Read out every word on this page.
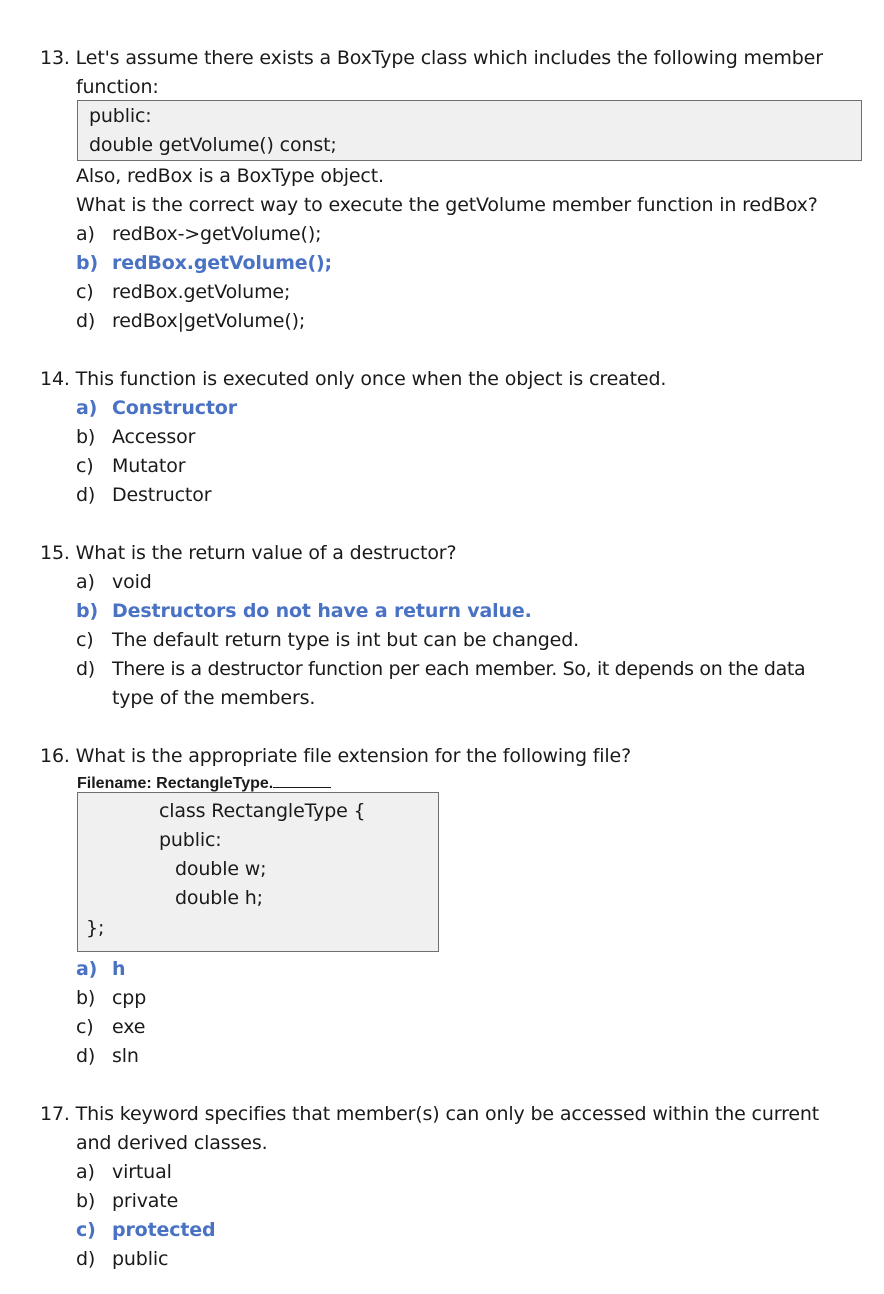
13. Let's assume there exists a BoxType class which includes the following member
function:
public:
double getVolume() const;
Also, redBox is a BoxType object.
What is the correct way to execute the getVolume member function in redBox?
a) redBox->getVolume();
b) redBox.getVolume();
c) redBox.getVolume;
d) redBox|getVolume();
14. This function is executed only once when the object is created.
a) Constructor
b) Accessor
c) Mutator
d) Destructor
15. What is the return value of a destructor?
a) void
b) Destructors do not have a return value.
c) The default return type is int but can be changed.
d) There is a destructor function per each member. So, it depends on the data
type of the members.
16. What is the appropriate file extension for the following file?
Filename: RectangleType.
class RectangleType {
public:
double w;
double h;
};
a) h
b) cpp
c) exe
d) sln
17. This keyword specifies that member(s) can only be accessed within the current
and derived classes.
a) virtual
b) private
c) protected
d) public
